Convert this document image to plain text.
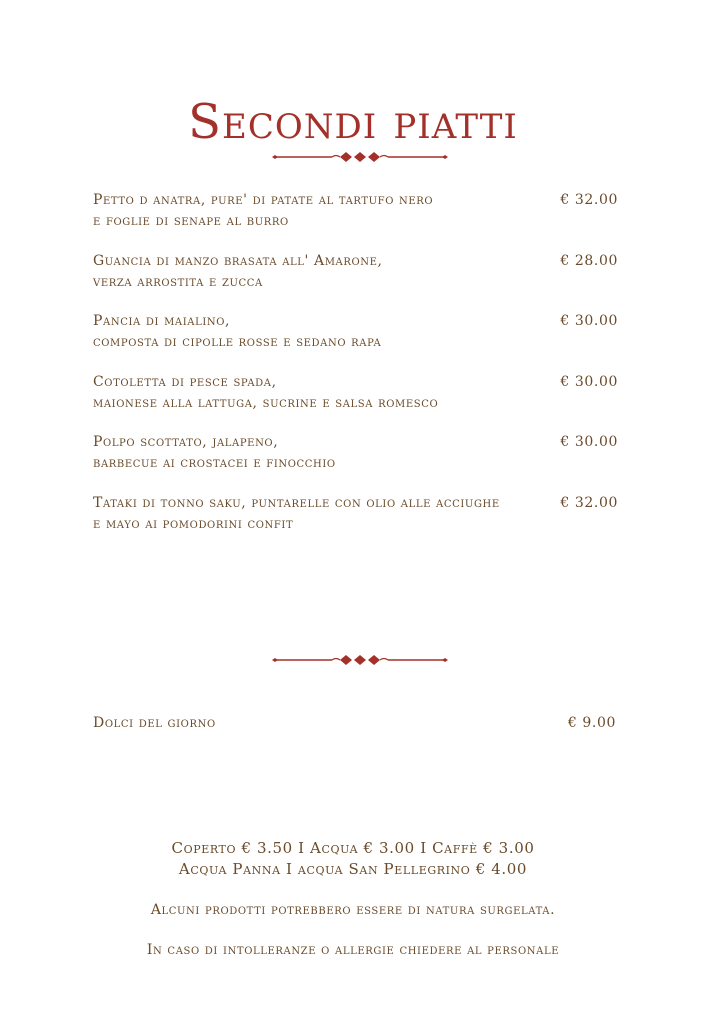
Secondi piatti
Petto d anatra, pure' di patate al tartufo nero
e foglie di senape al burro
€ 32.00
Guancia di manzo brasata all' Amarone,
verza arrostita e zucca
€ 28.00
Pancia di maialino,
composta di cipolle rosse e sedano rapa
€ 30.00
Cotoletta di pesce spada,
maionese alla lattuga, sucrine e salsa romesco
€ 30.00
Polpo scottato, jalapeno,
barbecue ai crostacei e finocchio
€ 30.00
Tataki di tonno saku, puntarelle con olio alle acciughe
e mayo ai pomodorini confit
€ 32.00
Dolci del giorno	€ 9.00
Coperto € 3.50 I Acqua € 3.00 I Caffè € 3.00
Acqua Panna I acqua San Pellegrino € 4.00
Alcuni prodotti potrebbero essere di natura surgelata.
In caso di intolleranze o allergie chiedere al personale
